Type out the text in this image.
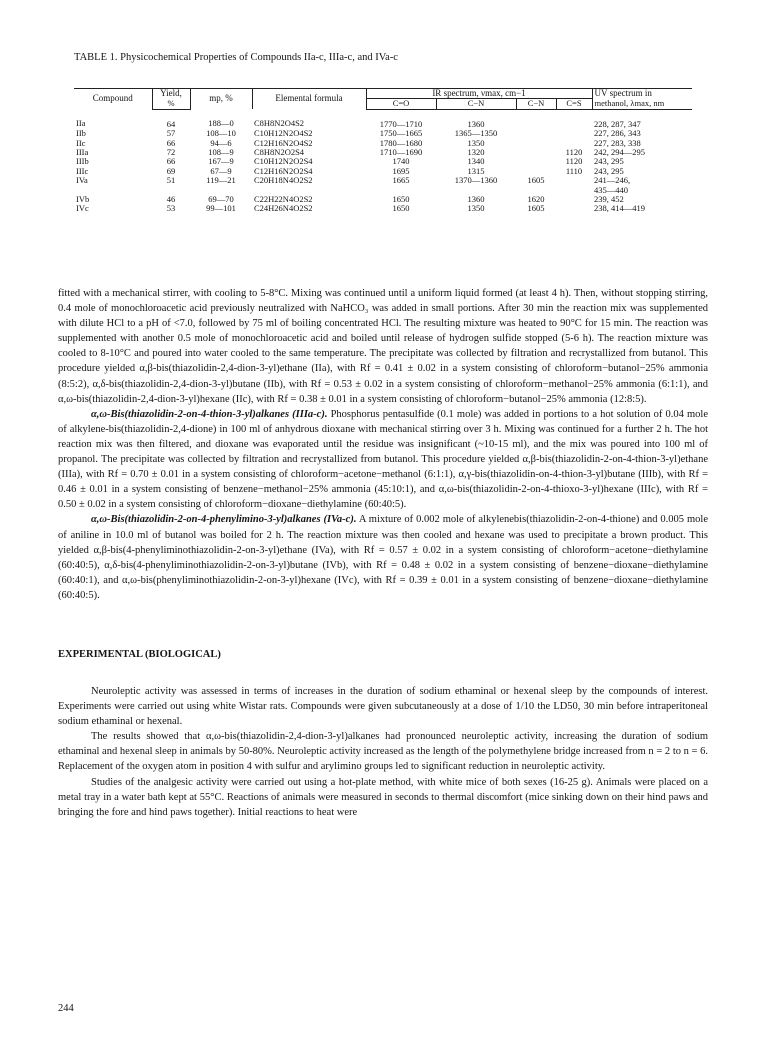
TABLE 1. Physicochemical Properties of Compounds IIa-c, IIIa-c, and IVa-c
Compound	Yield,	mp, %	Elemental formula	IR spectrum, νmax, cm−1				UV spectrum in
	%			C=O	C−N	C−N	C=S	methanol, λmax, nm
IIa	64	188—0	C8H8N2O4S2	1770—1710	1360			228, 287, 347
IIb	57	108—10	C10H12N2O4S2	1750—1665	1365—1350			227, 286, 343
IIc	66	94—6	C12H16N2O4S2	1780—1680	1350			227, 283, 338
IIIa	72	108—9	C8H8N2O2S4	1710—1690	1320		1120	242, 294—295
IIIb	66	167—9	C10H12N2O2S4	1740	1340		1120	243, 295
IIIc	69	67—9	C12H16N2O2S4	1695	1315		1110	243, 295
IVa	51	119—21	C20H18N4O2S2	1665	1370—1360	1605		241—246,
								435—440
IVb	46	69—70	C22H22N4O2S2	1650	1360	1620		239, 452
IVc	53	99—101	C24H26N4O2S2	1650	1350	1605		238, 414—419

fitted with a mechanical stirrer, with cooling to 5-8°C. Mixing was continued until a uniform liquid formed (at least 4 h). Then, without stopping stirring, 0.4 mole of monochloroacetic acid previously neutralized with NaHCO₃ was added in small portions. After 30 min the reaction mix was supplemented with dilute HCl to a pH of <7.0, followed by 75 ml of boiling concentrated HCl. The resulting mixture was heated to 90°C for 15 min. The reaction was supplemented with another 0.5 mole of monochloroacetic acid and boiled until release of hydrogen sulfide stopped (5-6 h). The reaction mixture was cooled to 8-10°C and poured into water cooled to the same temperature. The precipitate was collected by filtration and recrystallized from butanol. This procedure yielded α,β-bis(thiazolidin-2,4-dion-3-yl)ethane (IIa), with Rf = 0.41 ± 0.02 in a system consisting of chloroform−butanol−25% ammonia (8:5:2), α,δ-bis(thiazolidin-2,4-dion-3-yl)butane (IIb), with Rf = 0.53 ± 0.02 in a system consisting of chloroform−methanol−25% ammonia (6:1:1), and α,ω-bis(thiazolidin-2,4-dion-3-yl)hexane (IIc), with Rf = 0.38 ± 0.01 in a system consisting of chloroform−butanol−25% ammonia (12:8:5).

α,ω-Bis(thiazolidin-2-on-4-thion-3-yl)alkanes (IIIa-c). Phosphorus pentasulfide (0.1 mole) was added in portions to a hot solution of 0.04 mole of alkylene-bis(thiazolidin-2,4-dione) in 100 ml of anhydrous dioxane with mechanical stirring over 3 h. Mixing was continued for a further 2 h. The hot reaction mix was then filtered, and dioxane was evaporated until the residue was insignificant (~10-15 ml), and the mix was poured into 100 ml of propanol. The precipitate was collected by filtration and recrystallized from butanol. This procedure yielded α,β-bis(thiazolidin-2-on-4-thion-3-yl)ethane (IIIa), with Rf = 0.70 ± 0.01 in a system consisting of chloroform−acetone−methanol (6:1:1), α,γ-bis(thiazolidin-on-4-thion-3-yl)butane (IIIb), with Rf = 0.46 ± 0.01 in a system consisting of benzene−methanol−25% ammonia (45:10:1), and α,ω-bis(thiazolidin-2-on-4-thioxo-3-yl)hexane (IIIc), with Rf = 0.50 ± 0.02 in a system consisting of chloroform−dioxane−diethylamine (60:40:5).

α,ω-Bis(thiazolidin-2-on-4-phenylimino-3-yl)alkanes (IVa-c). A mixture of 0.002 mole of alkylenebis(thiazolidin-2-on-4-thione) and 0.005 mole of aniline in 10.0 ml of butanol was boiled for 2 h. The reaction mixture was then cooled and hexane was used to precipitate a brown product. This yielded α,β-bis(4-phenyliminothiazolidin-2-on-3-yl)ethane (IVa), with Rf = 0.57 ± 0.02 in a system consisting of chloroform−acetone−diethylamine (60:40:5), α,δ-bis(4-phenyliminothiazolidin-2-on-3-yl)butane (IVb), with Rf = 0.48 ± 0.02 in a system consisting of benzene−dioxane−diethylamine (60:40:1), and α,ω-bis(phenyliminothiazolidin-2-on-3-yl)hexane (IVc), with Rf = 0.39 ± 0.01 in a system consisting of benzene−dioxane−diethylamine (60:40:5).

EXPERIMENTAL (BIOLOGICAL)

Neuroleptic activity was assessed in terms of increases in the duration of sodium ethaminal or hexenal sleep by the compounds of interest. Experiments were carried out using white Wistar rats. Compounds were given subcutaneously at a dose of 1/10 the LD50, 30 min before intraperitoneal sodium ethaminal or hexenal.

The results showed that α,ω-bis(thiazolidin-2,4-dion-3-yl)alkanes had pronounced neuroleptic activity, increasing the duration of sodium ethaminal and hexenal sleep in animals by 50-80%. Neuroleptic activity increased as the length of the polymethylene bridge increased from n = 2 to n = 6. Replacement of the oxygen atom in position 4 with sulfur and arylimino groups led to significant reduction in neuroleptic activity.

Studies of the analgesic activity were carried out using a hot-plate method, with white mice of both sexes (16-25 g). Animals were placed on a metal tray in a water bath kept at 55°C. Reactions of animals were measured in seconds to thermal discomfort (mice sinking down on their hind paws and bringing the fore and hind paws together). Initial reactions to heat were

244
